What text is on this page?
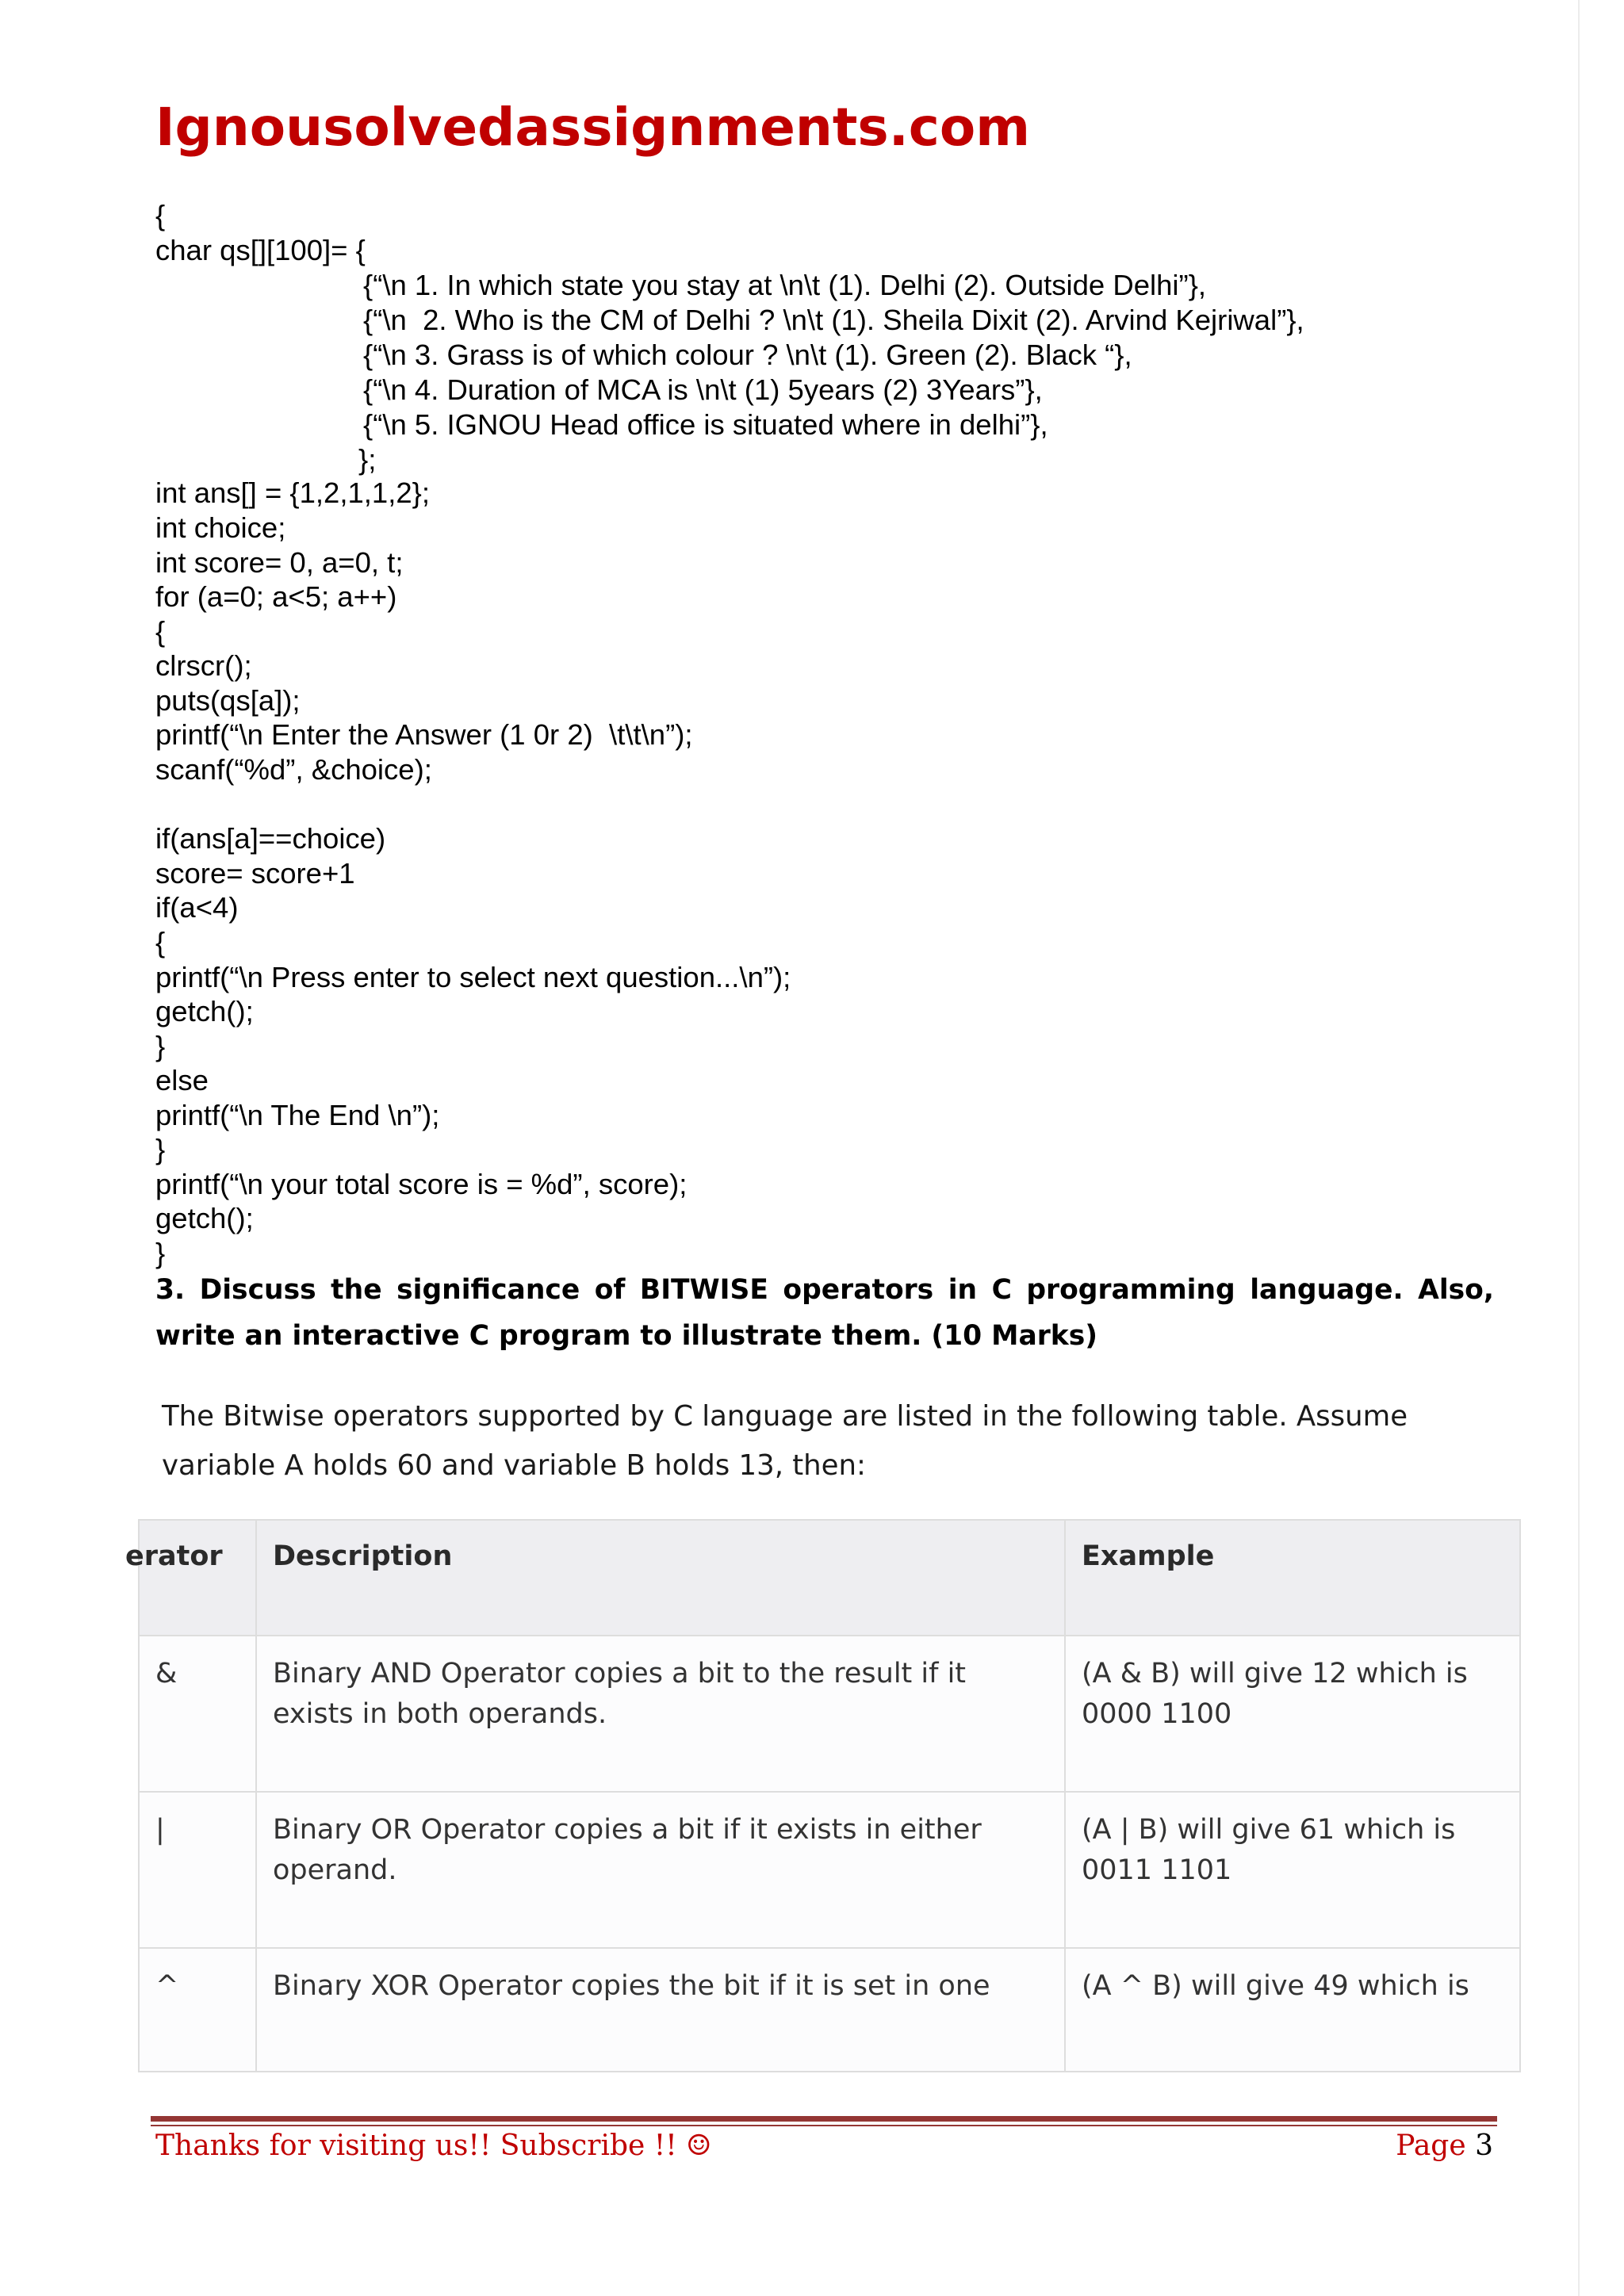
Ignousolvedassignments.com

{

char qs[][100]= {

{“\n 1. In which state you stay at \n\t (1). Delhi (2). Outside Delhi”},

{“\n  2. Who is the CM of Delhi ? \n\t (1). Sheila Dixit (2). Arvind Kejriwal”},

{“\n 3. Grass is of which colour ? \n\t (1). Green (2). Black “},

{“\n 4. Duration of MCA is \n\t (1) 5years (2) 3Years”},

{“\n 5. IGNOU Head office is situated where in delhi”},

};

int ans[] = {1,2,1,1,2};

int choice;

int score= 0, a=0, t;

for (a=0; a<5; a++)

{

clrscr();

puts(qs[a]);

printf(“\n Enter the Answer (1 0r 2)  \t\t\n”);

scanf(“%d”, &choice);

if(ans[a]==choice)

score= score+1

if(a<4)

{

printf(“\n Press enter to select next question...\n”);

getch();

}

else

printf(“\n The End \n”);

}

printf(“\n your total score is = %d”, score);

getch();

}

3. Discuss the significance of BITWISE operators in C programming language. Also, write an interactive C program to illustrate them. (10 Marks)

The Bitwise operators supported by C language are listed in the following table. Assume variable A holds 60 and variable B holds 13, then:

erator	Description	Example
&	Binary AND Operator copies a bit to the result if it exists in both operands.	(A & B) will give 12 which is 0000 1100
|	Binary OR Operator copies a bit if it exists in either operand.	(A | B) will give 61 which is 0011 1101
^	Binary XOR Operator copies the bit if it is set in one	(A ^ B) will give 49 which is

Thanks for visiting us!! Subscribe !! ☺	Page 3
